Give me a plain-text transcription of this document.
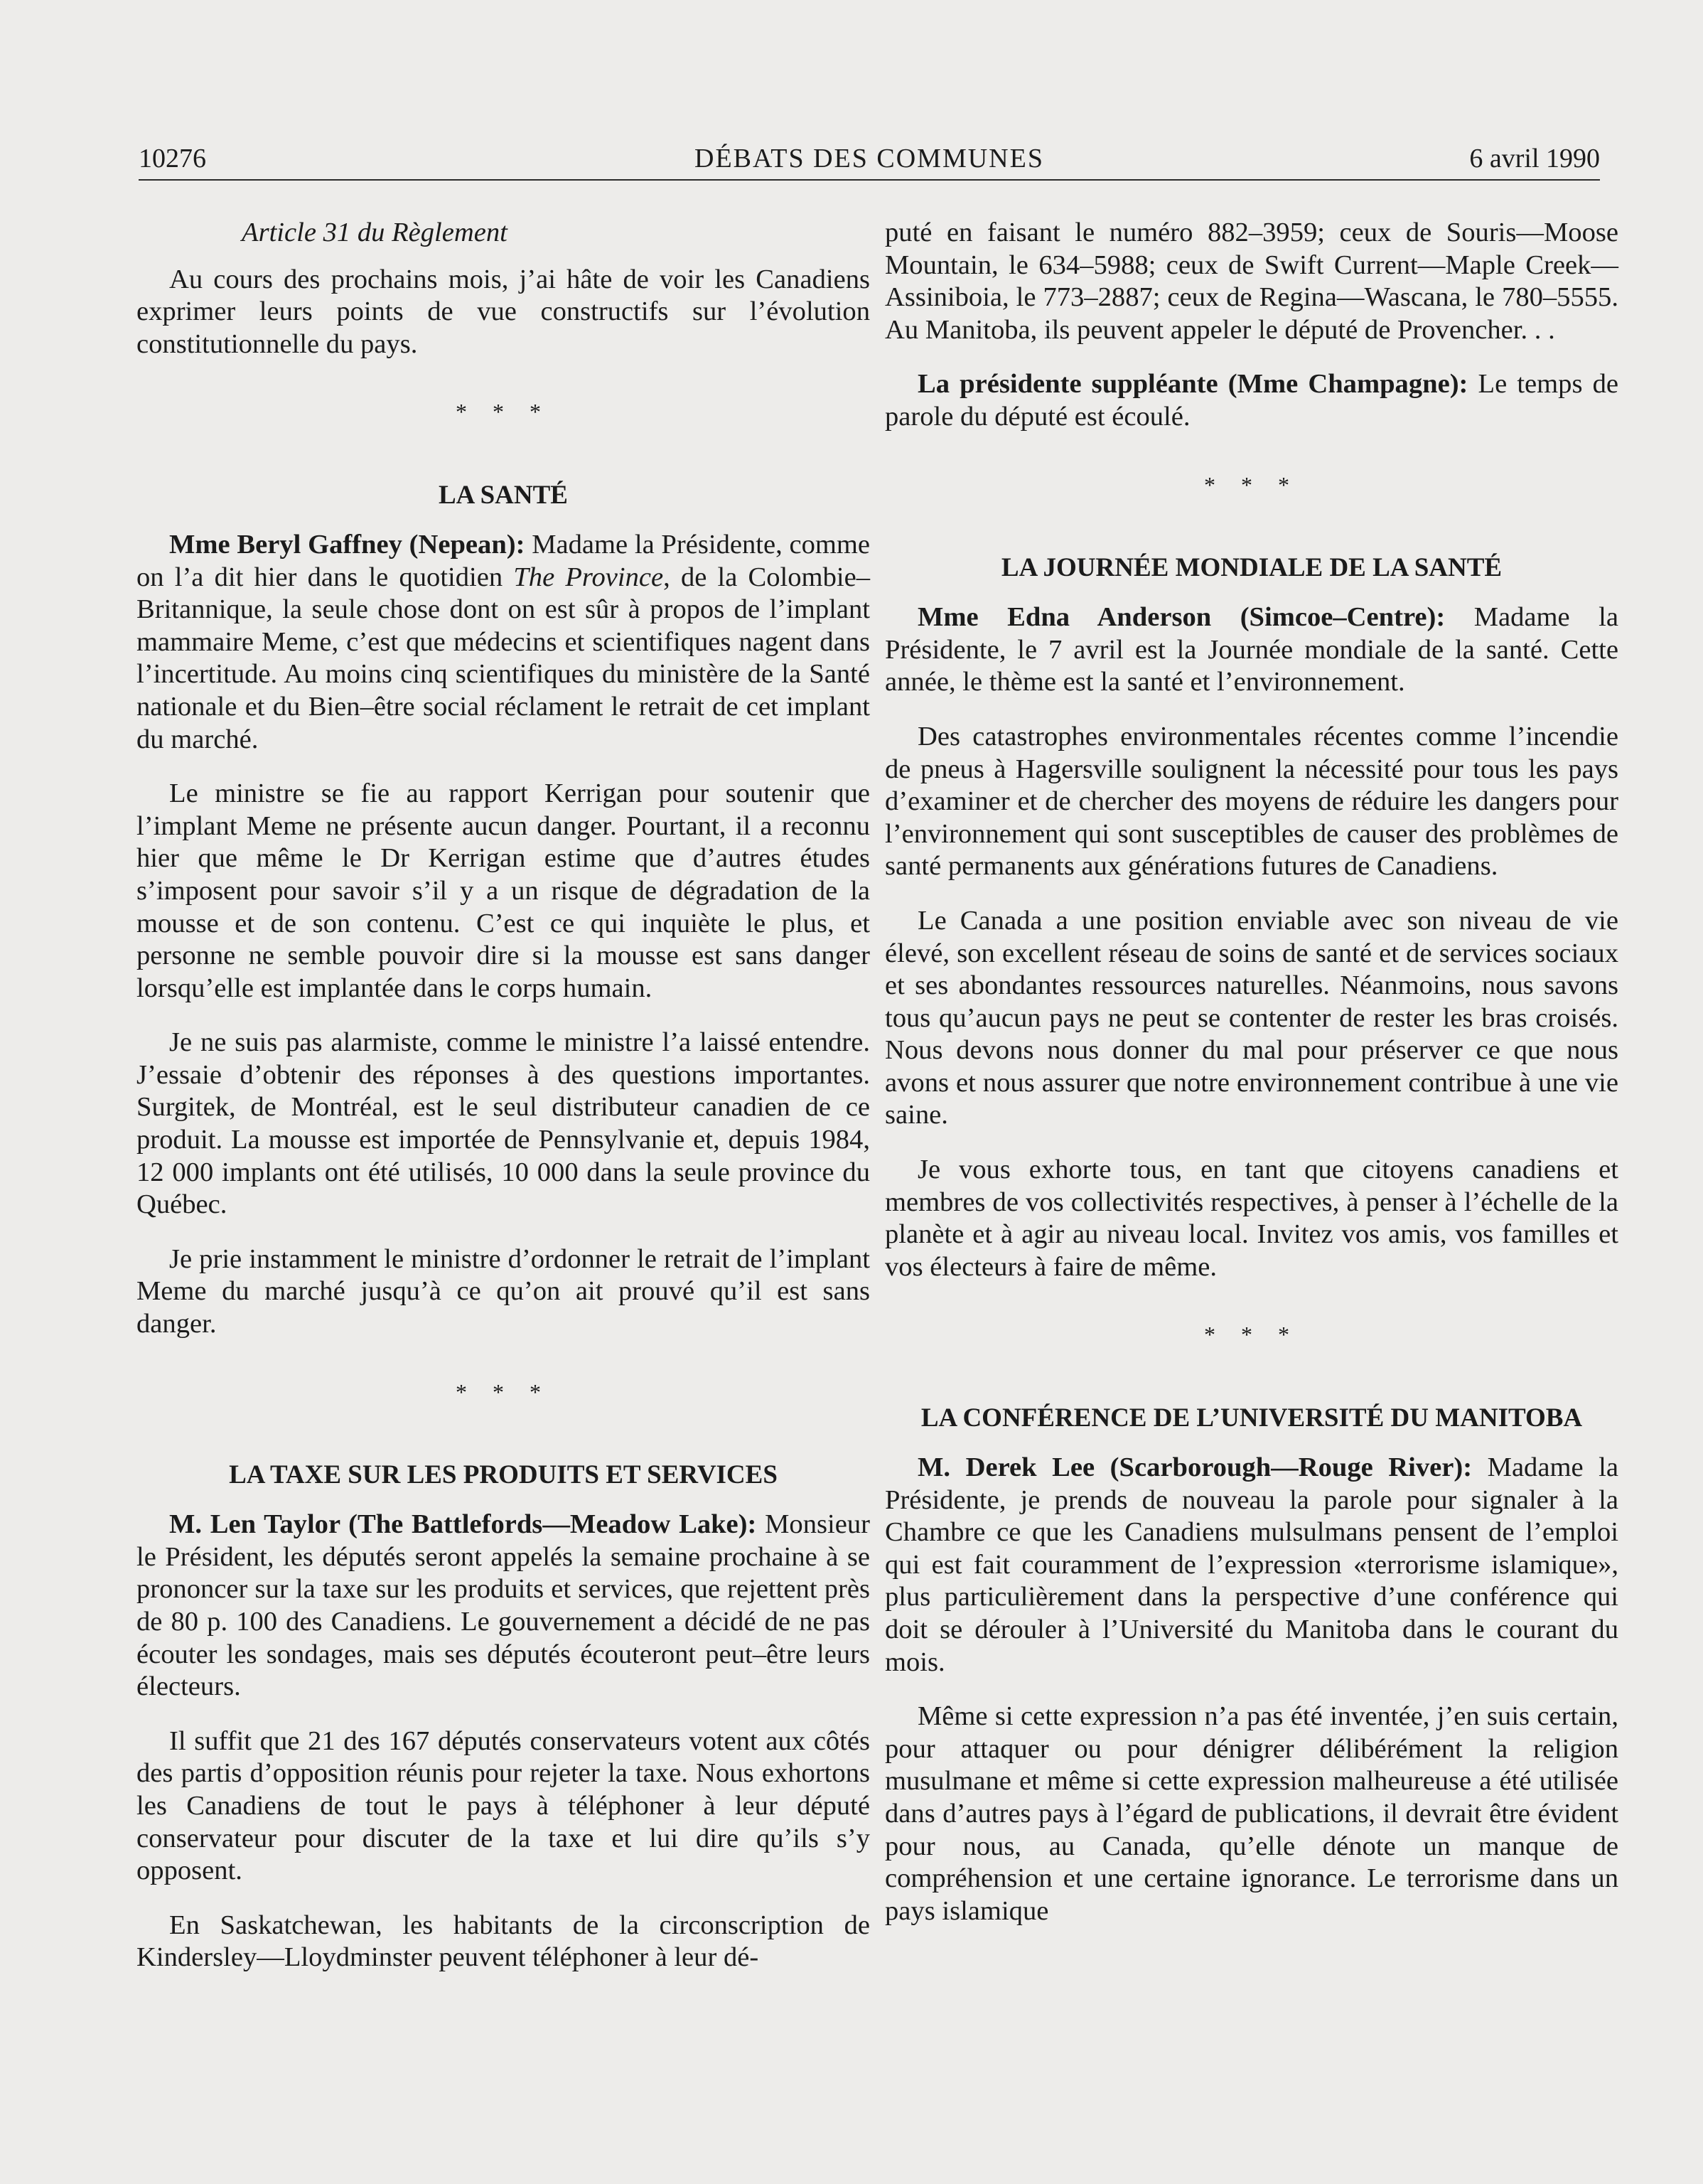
10276	DÉBATS DES COMMUNES	6 avril 1990

Article 31 du Règlement

Au cours des prochains mois, j’ai hâte de voir les Canadiens exprimer leurs points de vue constructifs sur l’évolution constitutionnelle du pays.

* * *
LA SANTÉ

Mme Beryl Gaffney (Nepean): Madame la Présidente, comme on l’a dit hier dans le quotidien The Province, de la Colombie–Britannique, la seule chose dont on est sûr à propos de l’implant mammaire Meme, c’est que médecins et scientifiques nagent dans l’incertitude. Au moins cinq scientifiques du ministère de la Santé nationale et du Bien–être social réclament le retrait de cet implant du marché.

Le ministre se fie au rapport Kerrigan pour soutenir que l’implant Meme ne présente aucun danger. Pourtant, il a reconnu hier que même le Dr Kerrigan estime que d’autres études s’imposent pour savoir s’il y a un risque de dégradation de la mousse et de son contenu. C’est ce qui inquiète le plus, et personne ne semble pouvoir dire si la mousse est sans danger lorsqu’elle est implantée dans le corps humain.

Je ne suis pas alarmiste, comme le ministre l’a laissé entendre. J’essaie d’obtenir des réponses à des questions importantes. Surgitek, de Montréal, est le seul distributeur canadien de ce produit. La mousse est importée de Pennsylvanie et, depuis 1984, 12 000 implants ont été utilisés, 10 000 dans la seule province du Québec.

Je prie instamment le ministre d’ordonner le retrait de l’implant Meme du marché jusqu’à ce qu’on ait prouvé qu’il est sans danger.

* * *
LA TAXE SUR LES PRODUITS ET SERVICES

M. Len Taylor (The Battlefords—Meadow Lake): Monsieur le Président, les députés seront appelés la semaine prochaine à se prononcer sur la taxe sur les produits et services, que rejettent près de 80 p. 100 des Canadiens. Le gouvernement a décidé de ne pas écouter les sondages, mais ses députés écouteront peut–être leurs électeurs.

Il suffit que 21 des 167 députés conservateurs votent aux côtés des partis d’opposition réunis pour rejeter la taxe. Nous exhortons les Canadiens de tout le pays à téléphoner à leur député conservateur pour discuter de la taxe et lui dire qu’ils s’y opposent.

En Saskatchewan, les habitants de la circonscription de Kindersley—Lloydminster peuvent téléphoner à leur dé-

puté en faisant le numéro 882–3959; ceux de Souris—Moose Mountain, le 634–5988; ceux de Swift Current—Maple Creek—Assiniboia, le 773–2887; ceux de Regina—Wascana, le 780–5555. Au Manitoba, ils peuvent appeler le député de Provencher. . .

La présidente suppléante (Mme Champagne): Le temps de parole du député est écoulé.

* * *
LA JOURNÉE MONDIALE DE LA SANTÉ

Mme Edna Anderson (Simcoe–Centre): Madame la Présidente, le 7 avril est la Journée mondiale de la santé. Cette année, le thème est la santé et l’environnement.

Des catastrophes environmentales récentes comme l’incendie de pneus à Hagersville soulignent la nécessité pour tous les pays d’examiner et de chercher des moyens de réduire les dangers pour l’environnement qui sont susceptibles de causer des problèmes de santé permanents aux générations futures de Canadiens.

Le Canada a une position enviable avec son niveau de vie élevé, son excellent réseau de soins de santé et de services sociaux et ses abondantes ressources naturelles. Néanmoins, nous savons tous qu’aucun pays ne peut se contenter de rester les bras croisés. Nous devons nous donner du mal pour préserver ce que nous avons et nous assurer que notre environnement contribue à une vie saine.

Je vous exhorte tous, en tant que citoyens canadiens et membres de vos collectivités respectives, à penser à l’échelle de la planète et à agir au niveau local. Invitez vos amis, vos familles et vos électeurs à faire de même.

* * *
LA CONFÉRENCE DE L’UNIVERSITÉ DU MANITOBA

M. Derek Lee (Scarborough—Rouge River): Madame la Présidente, je prends de nouveau la parole pour signaler à la Chambre ce que les Canadiens mulsulmans pensent de l’emploi qui est fait couramment de l’expression «terrorisme islamique», plus particulièrement dans la perspective d’une conférence qui doit se dérouler à l’Université du Manitoba dans le courant du mois.

Même si cette expression n’a pas été inventée, j’en suis certain, pour attaquer ou pour dénigrer délibérément la religion musulmane et même si cette expression malheureuse a été utilisée dans d’autres pays à l’égard de publications, il devrait être évident pour nous, au Canada, qu’elle dénote un manque de compréhension et une certaine ignorance. Le terrorisme dans un pays islamique
